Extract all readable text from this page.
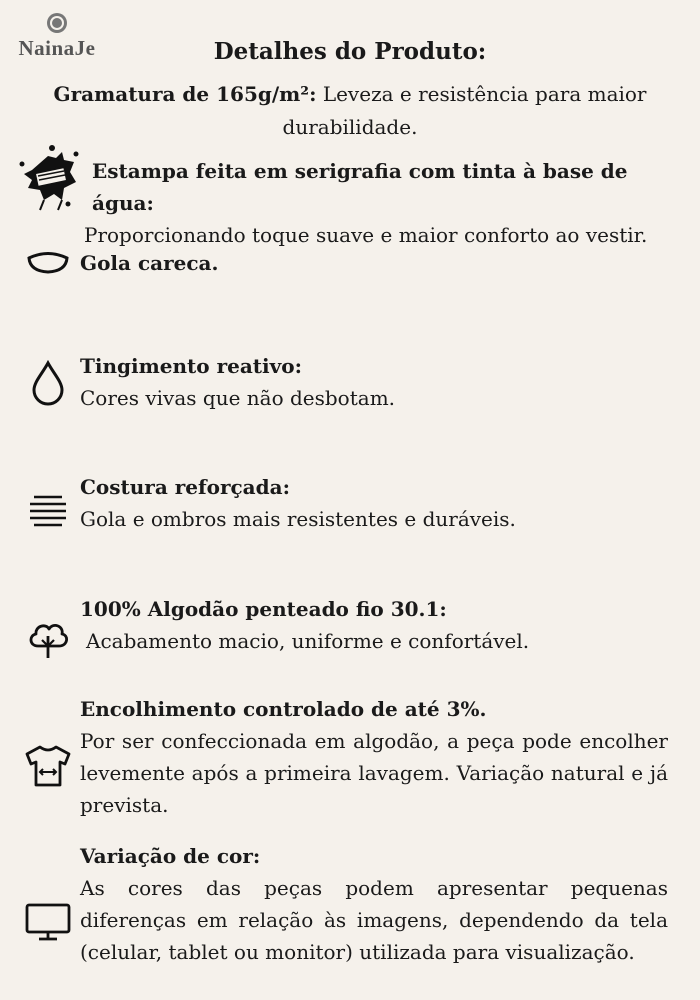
NainaJe	Detalhes do Produto:
Gramatura de 165g/m²: Leveza e resistência para maior durabilidade.
Estampa feita em serigrafia com tinta à base de água:
Proporcionando toque suave e maior conforto ao vestir.
Gola careca.
Tingimento reativo:
Cores vivas que não desbotam.
Costura reforçada:
Gola e ombros mais resistentes e duráveis.
100% Algodão penteado fio 30.1:
Acabamento macio, uniforme e confortável.
Encolhimento controlado de até 3%.
Por ser confeccionada em algodão, a peça pode encolher levemente após a primeira lavagem. Variação natural e já prevista.
Variação de cor:
As cores das peças podem apresentar pequenas diferenças em relação às imagens, dependendo da tela (celular, tablet ou monitor) utilizada para visualização.
